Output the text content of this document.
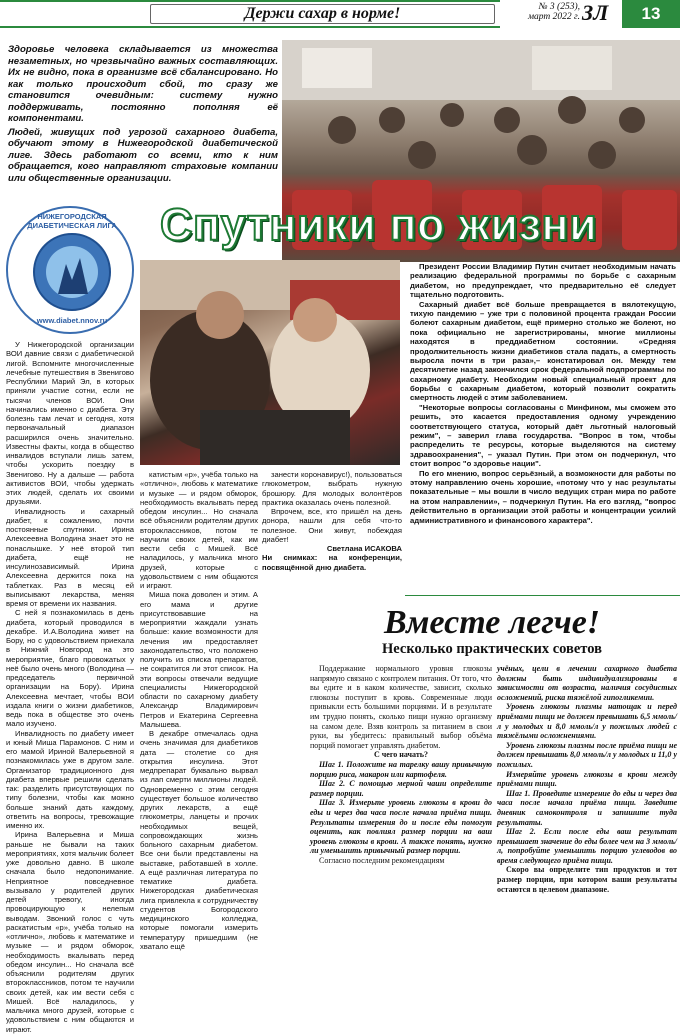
Держи сахар в норме!	№ 3 (253),
март 2022 г. ЗЛ	13

Здоровье человека складывается из множества незаметных, но чрезвычайно важных составляющих. Их не видно, пока в организме всё сбалансировано. Но как только происходит сбой, то сразу же становится очевидным: систему нужно поддерживать, постоянно пополняя её компонентами.

Людей, живущих под угрозой сахарного диабета, обучают этому в Нижегородской диабетической лиге. Здесь работают со всеми, кто к ним обращается, кого направляют страховые компании или общественные организации.

Спутники по жизни
НИЖЕГОРОДСКАЯ ДИАБЕТИЧЕСКАЯ ЛИГА
www.diabet.nnov.ru

У Нижегородской организации ВОИ давние связи с диабетической лигой. Вспомните многочисленные лечебные путешествия в Звенигово Республики Марий Эл, в которых приняли участие сотни, если не тысячи членов ВОИ. Они начинались именно с диабета. Эту болезнь там лечат и сегодня, хотя первоначальный диапазон расширился очень значительно. Известны факты, когда в общество инвалидов вступали лишь затем, чтобы ускорить поездку в Звенигово. Ну а дальше — работа активистов ВОИ, чтобы удержать этих людей, сделать их своими друзьями.

Инвалидность и сахарный диабет, к сожалению, почти постоянные спутники. Ирина Алексеевна Володина знает это не понаслышке. У неё второй тип диабета, ещё не инсулинозависимый. Ирина Алексеевна держится пока на таблетках. Раз в месяц ей выписывают лекарства, меняя время от времени их названия.

С ней я познакомилась в день диабета, который проводился в декабре. И.А.Володина живет на Бору, но с удовольствием приехала в Нижний Новгород на это мероприятие, благо провожатых у неё было очень много (Володина — председатель первичной организации на Бору). Ирина Алексеевна мечтает, чтобы ВОИ издала книги о жизни диабетиков, ведь пока в обществе это очень мало изучено.

Инвалидность по диабету имеет и юный Миша Парамонов. С ним и его мамой Ириной Валерьевной я познакомилась уже в другом зале. Организатор традиционного дня диабета впервые решили сделать так: разделить присутствующих по типу болезни, чтобы как можно больше знаний дать каждому, ответить на вопросы, тревожащие именно их.

Ирина Валерьевна и Миша раньше не бывали на таких мероприятиях, хотя мальчик болеет уже довольно давно. В школе сначала было недопонимание. Неприятное повседневное вызывало у родителей других детей тревогу, иногда провоцирующую к нелепым выводам. Звонкий голос с чуть раскатистым «р», учёба только на «отлично», любовь к математике и музыке — и рядом обморок, необходимость вкалывать перед обедом инсулин... Но сначала всё объяснили родителям других второклассников, потом те научили своих детей, как им вести себя с Мишей. Всё наладилось, у мальчика много друзей, которые с удовольствием с ним общаются и играют.

катистым «р», учёба только на «отлично», любовь к математике и музыке — и рядом обморок, необходимость вкалывать перед обедом инсулин... Но сначала всё объяснили родителям других второклассников, потом те научили своих детей, как им вести себя с Мишей. Всё наладилось, у мальчика много друзей, которые с удовольствием с ним общаются и играют.

Миша пока доволен и этим. А его мама и другие присутствовавшие на мероприятии жаждали узнать больше: какие возможности для лечения им предоставляет законодательство, что положено получить из списка препаратов, не сократится ли этот список. На эти вопросы отвечали ведущие специалисты Нижегородской области по сахарному диабету Александр Владимирович Петров и Екатерина Сергеевна Малышева.

В декабре отмечалась одна очень значимая для диабетиков дата — столетие со дня открытия инсулина. Этот медпрепарат буквально вырвал из лап смерти миллионы людей. Одновременно с этим сегодня существует большое количество других лекарств, а ещё глюкометры, ланцеты и прочих необходимых вещей, сопровождающих жизнь больного сахарным диабетом. Все они были представлены на выставке, работавшей в холле. А ещё различная литература по тематике диабета. Нижегородская диабетическая лига привлекла к сотрудничеству студентов Богородского медицинского колледжа, которые помогали измерить температуру пришедшим (не хватало ещё

занести коронавирус!), пользоваться глюкометром, выбрать нужную брошюру. Для молодых волонтёров практика оказалась очень полезной.

Впрочем, все, кто пришёл на день донора, нашли для себя что-то полезное. Они живут, побеждая диабет!

Светлана ИСАКОВА

Ни снимках: на конференции, посвящённой дню диабета.

Президент России Владимир Путин считает необходимым начать реализацию федеральной программы по борьбе с сахарным диабетом, но предупреждает, что предварительно её следует тщательно подготовить.

Сахарный диабет всё больше превращается в вялотекущую, тихую пандемию – уже три с половиной процента граждан России болеют сахарным диабетом, ещё примерно столько же болеют, но пока официально не зарегистрированы, многие миллионы находятся в преддиабетном состоянии. «Средняя продолжительность жизни диабетиков стала падать, а смертность выросла почти в три раза»,– констатировал он. Между тем десятилетие назад закончился срок федеральной подпрограммы по сахарному диабету. Необходим новый специальный проект для борьбы с сахарным диабетом, который позволит сократить смертность людей с этим заболеванием.

"Некоторые вопросы согласованы с Минфином, мы сможем это решить, это касается предоставления одному учреждению соответствующего статуса, который даёт льготный налоговый режим", – заверил глава государства. "Вопрос в том, чтобы распределить те ресурсы, которые выделяются на систему здравоохранения", – указал Путин. При этом он подчеркнул, что стоит вопрос "о здоровье нации".

По его мнению, вопрос серьёзный, а возможности для работы по этому направлению очень хорошие, «потому что у нас результаты показательные – мы вошли в число ведущих стран мира по работе на этом направлении», – подчеркнул Путин. На его взгляд, "вопрос действительно в организации этой работы и концентрации усилий административного и финансового характера".

Вместе легче!
Несколько практических советов

Поддержание нормального уровня глюкозы напрямую связано с контролем питания. От того, что вы едите и в каком количестве, зависит, сколько глюкозы поступит в кровь. Современные люди привыкли есть большими порциями. И в результате им трудно понять, сколько пищи нужно организму на самом деле. Взяв контроль за питанием в свои руки, вы убедитесь: правильный выбор объёма порций помогает управлять диабетом.

С чего начать?

Шаг 1. Положите на тарелку вашу привычную порцию риса, макарон или картофеля.

Шаг 2. С помощью мерной чаши определите размер порции.

Шаг 3. Измерьте уровень глюкозы в крови до еды и через два часа после начала приёма пищи. Результаты измерения до и после еды помогут оценить, как повлиял размер порции на ваш уровень глюкозы в крови. А также понять, нужно ли уменьшить привычный размер порции.

Согласно последним рекомендациям

учёных, цели в лечении сахарного диабета должны быть индивидуализированы в зависимости от возраста, наличия сосудистых осложнений, риска тяжёлой гипогликемии.

Уровень глюкозы плазмы натощак и перед приёмами пищи не должен превышать 6,5 ммоль/л у молодых и 8,0 ммоль/л у пожилых людей с тяжёлыми осложнениями.

Уровень глюкозы плазмы после приёма пищи не должен превышать 8,0 ммоль/л у молодых и 11,0 у пожилых.

Измеряйте уровень глюкозы в крови между приёмами пищи.

Шаг 1. Проведите измерение до еды и через два часа после начала приёма пищи. Заведите дневник самоконтроля и запишите туда результаты.

Шаг 2. Если после еды ваш результат превышает значение до еды более чем на 3 ммоль/л, попробуйте уменьшить порцию углеводов во время следующего приёма пищи.

Скоро вы определите тип продуктов и тот размер порции, при котором ваши результаты остаются в целевом диапазоне.
